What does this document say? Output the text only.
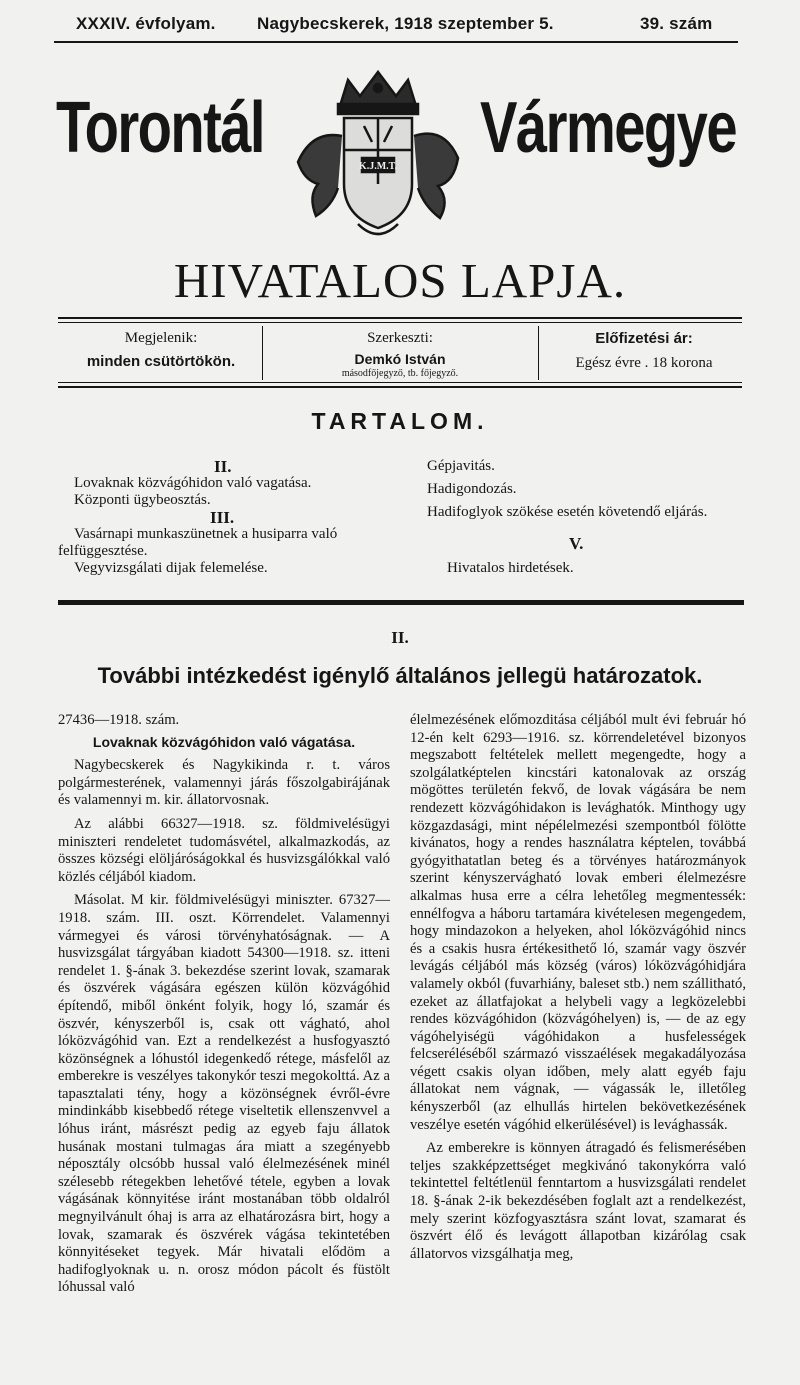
XXXIV. évfolyam. Nagybecskerek, 1918 szeptember 5.	39. szám
Torontál	Vármegye
K.J.M.T.
HIVATALOS LAPJA.
Megjelenik:
minden csütörtökön.
Szerkeszti:
Demkó István
másodfőjegyző, tb. főjegyző.
Előfizetési ár:
Egész évre . 18 korona
TARTALOM.
II.
Lovaknak közvágóhidon való vagatása.
Központi ügybeosztás.
III.
Vasárnapi munkaszünetnek a husiparra való
felfüggesztése.
Vegyvizsgálati dijak felemelése.
Gépjavitás.
Hadigondozás.
Hadifoglyok szökése esetén követendő eljárás.
V.
Hivatalos hirdetések.
II.
További intézkedést igénylő általános jellegü határozatok.

27436—1918. szám.

Lovaknak közvágóhidon való vágatása.

Nagybecskerek és Nagykikinda r. t. város polgármesterének, valamennyi járás főszolgabirájának és valamennyi m. kir. állatorvosnak.

Az alábbi 66327—1918. sz. földmivelésügyi miniszteri rendeletet tudomásvétel, alkalmazkodás, az összes községi elöljáróságokkal és husvizsgálókkal való közlés céljából kiadom.

Másolat. M kir. földmivelésügyi miniszter. 67327—1918. szám. III. oszt. Körrendelet. Valamennyi vármegyei és városi törvényhatóságnak. — A husvizsgálat tárgyában kiadott 54300—1918. sz. itteni rendelet 1. §-ának 3. bekezdése szerint lovak, szamarak és öszvérek vágására egészen külön közvágóhid építendő, miből önként folyik, hogy ló, szamár és öszvér, kényszerből is, csak ott vágható, ahol lóközvágóhid van. Ezt a rendelkezést a husfogyasztó közönségnek a lóhustól idegenkedő rétege, másfelől az emberekre is veszélyes takonykór teszi megokolttá. Az a tapasztalati tény, hogy a közönségnek évről-évre mindinkább kisebbedő rétege viseltetik ellenszenvvel a lóhus iránt, másrészt pedig az egyeb faju állatok husának mostani tulmagas ára miatt a szegényebb néposztály olcsóbb hussal való élelmezésének minél szélesebb rétegekben lehetővé tétele, egyben a lovak vágásának könnyitése iránt mostanában több oldalról megnyilvánult óhaj is arra az elhatározásra birt, hogy a lovak, szamarak és öszvérek vágása tekintetében könnyitéseket tegyek. Már hivatali elődöm a hadifoglyoknak u. n. orosz módon pácolt és füstölt lóhussal való

élelmezésének előmozditása céljából mult évi február hó 12-én kelt 6293—1916. sz. körrendeletével bizonyos megszabott feltételek mellett megengedte, hogy a szolgálatképtelen kincstári katonalovak az ország mögöttes területén fekvő, de lovak vágására be nem rendezett közvágóhidakon is levághatók. Minthogy ugy közgazdasági, mint népélelmezési szempontból fölötte kivánatos, hogy a rendes használatra képtelen, továbbá gyógyithatatlan beteg és a törvényes határozmányok szerint kényszervágható lovak emberi élelmezésre alkalmas husa erre a célra lehetőleg megmentessék: ennélfogva a háboru tartamára kivételesen megengedem, hogy mindazokon a helyeken, ahol lóközvágóhid nincs és a csakis husra értékesithető ló, szamár vagy öszvér levágás céljából más község (város) lóközvágóhidjára valamely okból (fuvarhiány, baleset stb.) nem szállitható, ezeket az állatfajokat a helybeli vagy a legközelebbi rendes közvágóhidon (közvágóhelyen) is, — de az egy vágóhelyiségü vágóhidakon a husfelességek felcseréléséből származó visszaélések megakadályozása végett csakis olyan időben, mely alatt egyéb faju állatokat nem vágnak, — vágassák le, illetőleg kényszerből (az elhullás hirtelen bekövetkezésének veszélye esetén vágóhid elkerülésével) is levághassák.

Az emberekre is könnyen átragadó és felismerésében teljes szakképzettséget megkivánó takonykórra való tekintettel feltétlenül fenntartom a husvizsgálati rendelet 18. §-ának 2-ik bekezdésében foglalt azt a rendelkezést, mely szerint közfogyasztásra szánt lovat, szamarat és öszvért élő és levágott állapotban kizárólag csak állatorvos vizsgálhatja meg,
